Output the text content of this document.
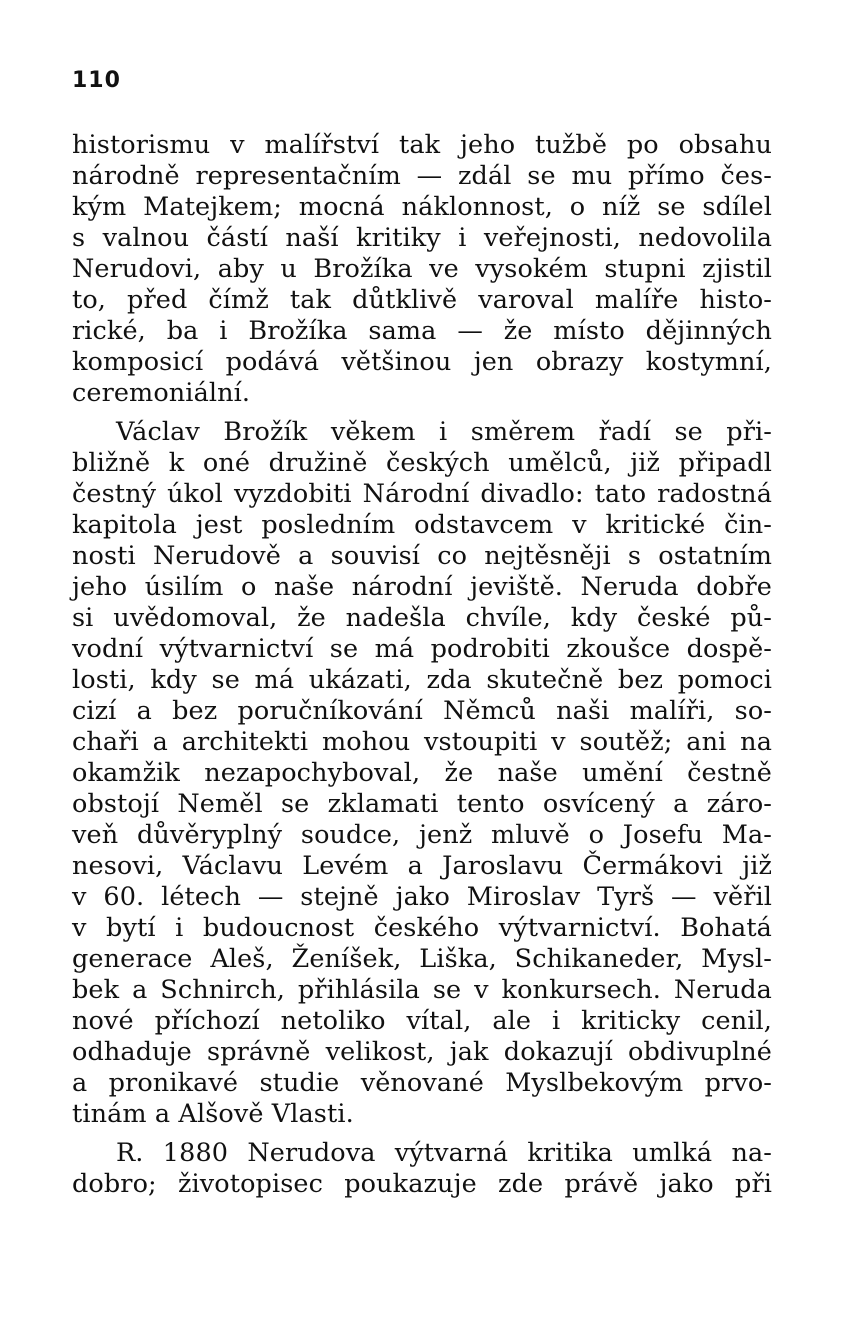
110
historismu v malířství tak jeho tužbě po obsahu
národně representačním — zdál se mu přímo čes-
kým Matejkem; mocná náklonnost, o níž se sdílel
s valnou částí naší kritiky i veřejnosti, nedovolila
Nerudovi, aby u Brožíka ve vysokém stupni zjistil
to, před čímž tak důtklivě varoval malíře histo-
rické, ba i Brožíka sama — že místo dějinných
komposicí podává většinou jen obrazy kostymní,
ceremoniální.
Václav Brožík věkem i směrem řadí se při-
bližně k oné družině českých umělců, již připadl
čestný úkol vyzdobiti Národní divadlo: tato radostná
kapitola jest posledním odstavcem v kritické čin-
nosti Nerudově a souvisí co nejtěsněji s ostatním
jeho úsilím o naše národní jeviště. Neruda dobře
si uvědomoval, že nadešla chvíle, kdy české pů-
vodní výtvarnictví se má podrobiti zkoušce dospě-
losti, kdy se má ukázati, zda skutečně bez pomoci
cizí a bez poručníkování Němců naši malíři, so-
chaři a architekti mohou vstoupiti v soutěž; ani na
okamžik nezapochyboval, že naše umění čestně
obstojí Neměl se zklamati tento osvícený a záro-
veň důvěryplný soudce, jenž mluvě o Josefu Ma-
nesovi, Václavu Levém a Jaroslavu Čermákovi již
v 60. létech — stejně jako Miroslav Tyrš — věřil
v bytí i budoucnost českého výtvarnictví. Bohatá
generace Aleš, Ženíšek, Liška, Schikaneder, Mysl-
bek a Schnirch, přihlásila se v konkursech. Neruda
nové příchozí netoliko vítal, ale i kriticky cenil,
odhaduje správně velikost, jak dokazují obdivuplné
a pronikavé studie věnované Myslbekovým prvo-
tinám a Alšově Vlasti.
R. 1880 Nerudova výtvarná kritika umlká na-
dobro; životopisec poukazuje zde právě jako při
